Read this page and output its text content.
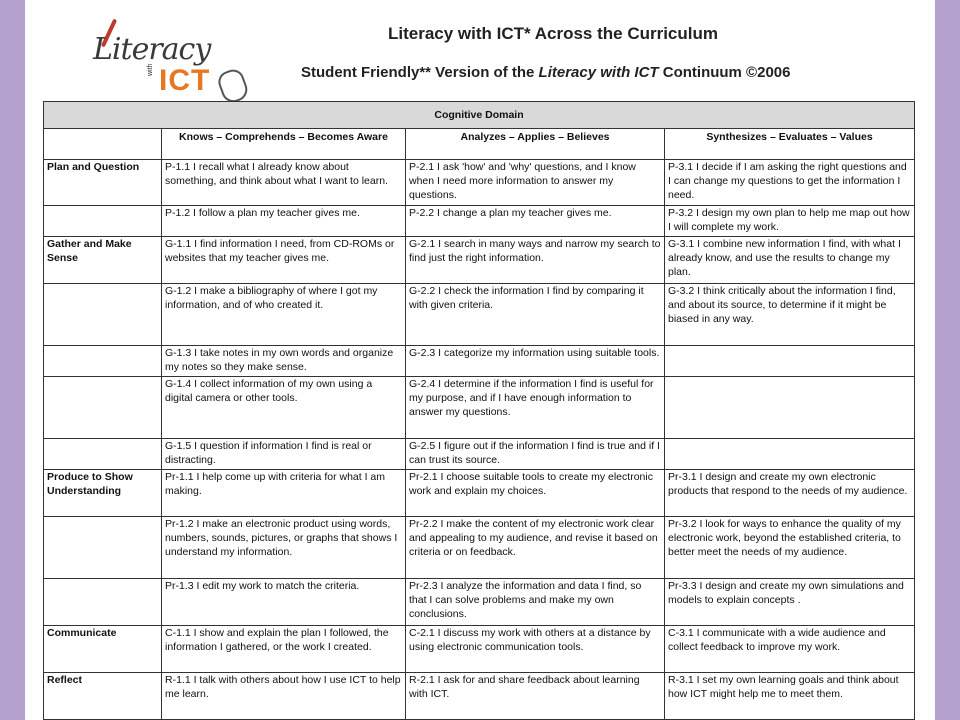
Literacy
with ICT
Literacy with ICT* Across the Curriculum
Student Friendly** Version of the Literacy with ICT Continuum ©2006
Cognitive Domain			
	Knows – Comprehends – Becomes Aware	Analyzes – Applies – Believes	Synthesizes – Evaluates – Values
Plan and Question	P-1.1 I recall what I already know about something, and think about what I want to learn.	P-2.1 I ask 'how' and 'why' questions, and I know when I need more information to answer my questions.	P-3.1 I decide if I am asking the right questions and I can change my questions to get the information I need.
	P-1.2 I follow a plan my teacher gives me.	P-2.2 I change a plan my teacher gives me.	P-3.2 I design my own plan to help me map out how I will complete my work.
Gather and Make Sense	G-1.1 I find information I need, from CD-ROMs or websites that my teacher gives me.	G-2.1 I search in many ways and narrow my search to find just the right information.	G-3.1 I combine new information I find, with what I already know, and use the results to change my plan.
	G-1.2 I make a bibliography of where I got my information, and of who created it.	G-2.2 I check the information I find by comparing it with given criteria.	G-3.2 I think critically about the information I find, and about its source, to determine if it might be biased in any way.
	G-1.3 I take notes in my own words and organize my notes so they make sense.	G-2.3 I categorize my information using suitable tools.	
	G-1.4 I collect information of my own using a digital camera or other tools.	G-2.4 I determine if the information I find is useful for my purpose, and if I have enough information to answer my questions.	
	G-1.5 I question if information I find is real or distracting.	G-2.5 I figure out if the information I find is true and if I can trust its source.	
Produce to Show Understanding	Pr-1.1 I help come up with criteria for what I am making.	Pr-2.1 I choose suitable tools to create my electronic work and explain my choices.	Pr-3.1 I design and create my own electronic products that respond to the needs of my audience.
	Pr-1.2 I make an electronic product using words, numbers, sounds, pictures, or graphs that shows I understand my information.	Pr-2.2 I make the content of my electronic work clear and appealing to my audience, and revise it based on criteria or on feedback.	Pr-3.2 I look for ways to enhance the quality of my electronic work, beyond the established criteria, to better meet the needs of my audience.
	Pr-1.3 I edit my work to match the criteria.	Pr-2.3 I analyze the information and data I find, so that I can solve problems and make my own conclusions.	Pr-3.3 I design and create my own simulations and models to explain concepts .
Communicate	C-1.1 I show and explain the plan I followed, the information I gathered, or the work I created.	C-2.1 I discuss my work with others at a distance by using electronic communication tools.	C-3.1 I communicate with a wide audience and collect feedback to improve my work.
Reflect	R-1.1 I talk with others about how I use ICT to help me learn.	R-2.1 I ask for and share feedback about learning with ICT.	R-3.1 I set my own learning goals and think about how ICT might help me to meet them.
